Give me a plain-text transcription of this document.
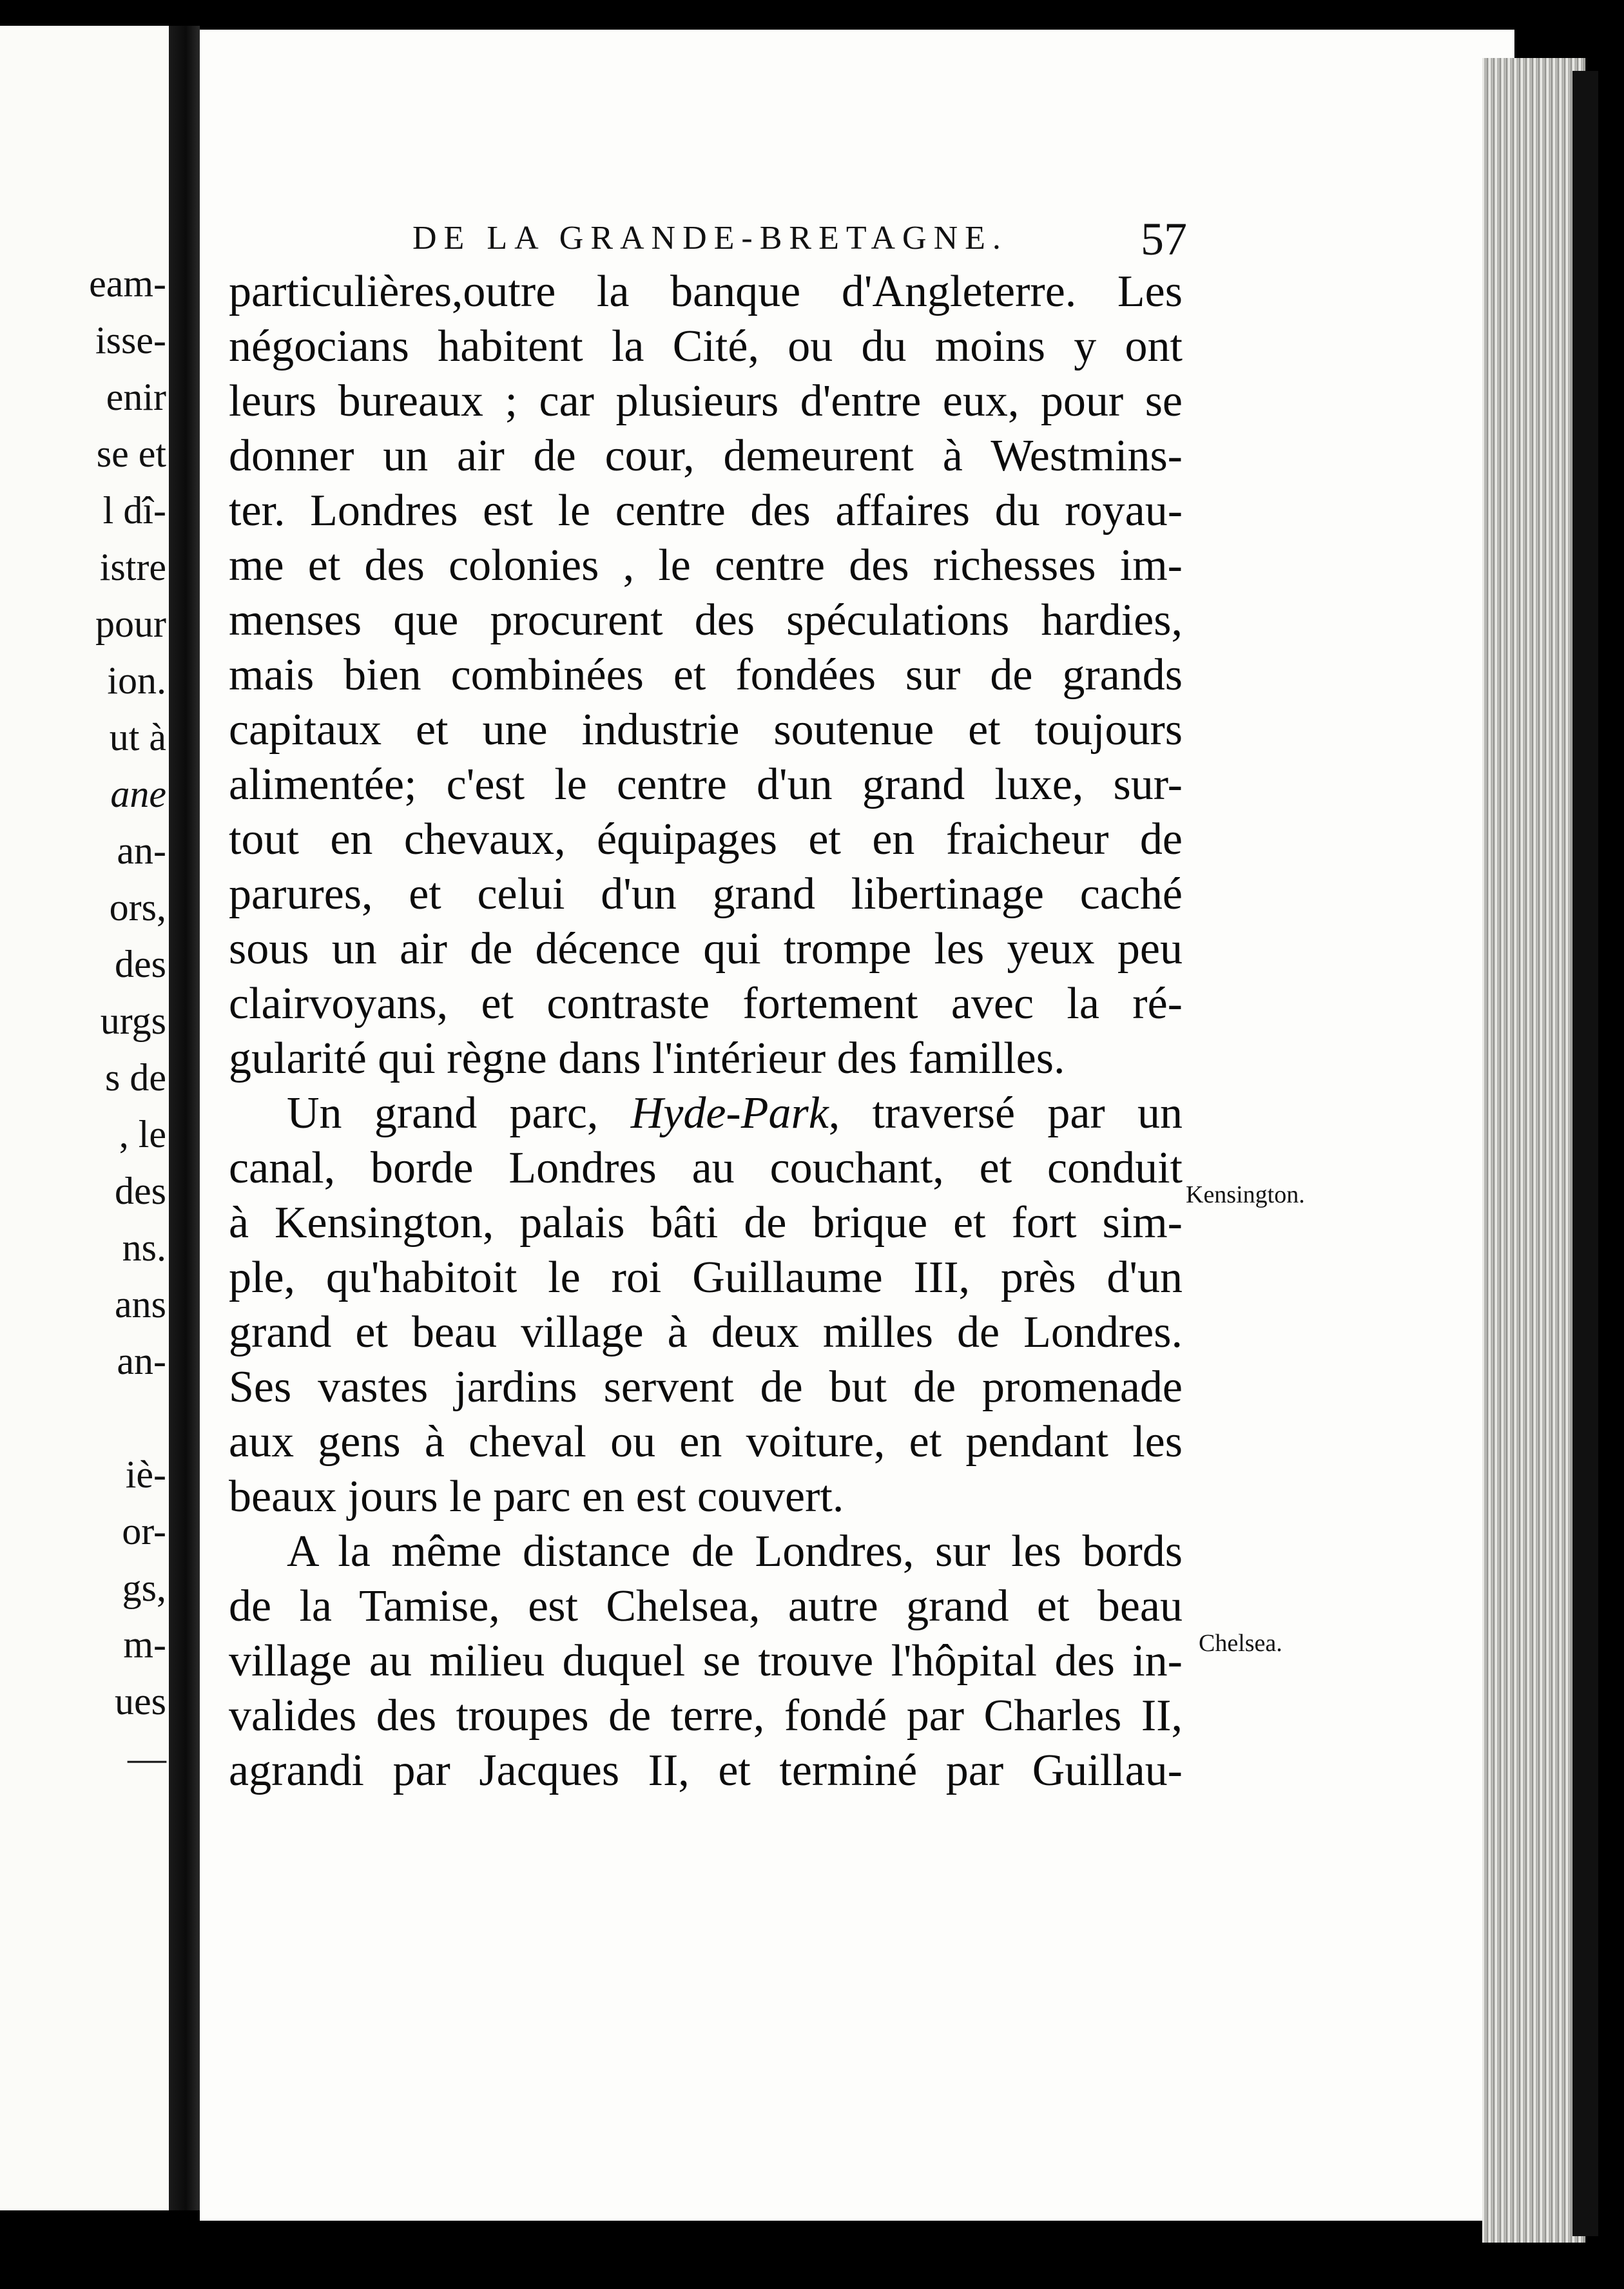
eam-
isse-
enir
se et
l dî-
istre
pour
ion.
ut à
ane
an-
ors,
des
urgs
s de
, le
des
ns.
ans
an-
iè-
or-
gs,
m-
ues
—
DE LA GRANDE-BRETAGNE.	57
particulières,outre la banque d'Angleterre. Les
négocians habitent la Cité, ou du moins y ont
leurs bureaux ; car plusieurs d'entre eux, pour se
donner un air de cour, demeurent à Westmins-
ter. Londres est le centre des affaires du royau-
me et des colonies , le centre des richesses im-
menses que procurent des spéculations hardies,
mais bien combinées et fondées sur de grands
capitaux et une industrie soutenue et toujours
alimentée; c'est le centre d'un grand luxe, sur-
tout en chevaux, équipages et en fraicheur de
parures, et celui d'un grand libertinage caché
sous un air de décence qui trompe les yeux peu
clairvoyans, et contraste fortement avec la ré-
gularité qui règne dans l'intérieur des familles.
Un grand parc, Hyde-Park, traversé par un
canal, borde Londres au couchant, et conduit
à Kensington, palais bâti de brique et fort sim-
ple, qu'habitoit le roi Guillaume III, près d'un
grand et beau village à deux milles de Londres.
Ses vastes jardins servent de but de promenade
aux gens à cheval ou en voiture, et pendant les
beaux jours le parc en est couvert.
A la même distance de Londres, sur les bords
de la Tamise, est Chelsea, autre grand et beau
village au milieu duquel se trouve l'hôpital des in-
valides des troupes de terre, fondé par Charles II,
agrandi par Jacques II, et terminé par Guillau-
Kensington.
Chelsea.
